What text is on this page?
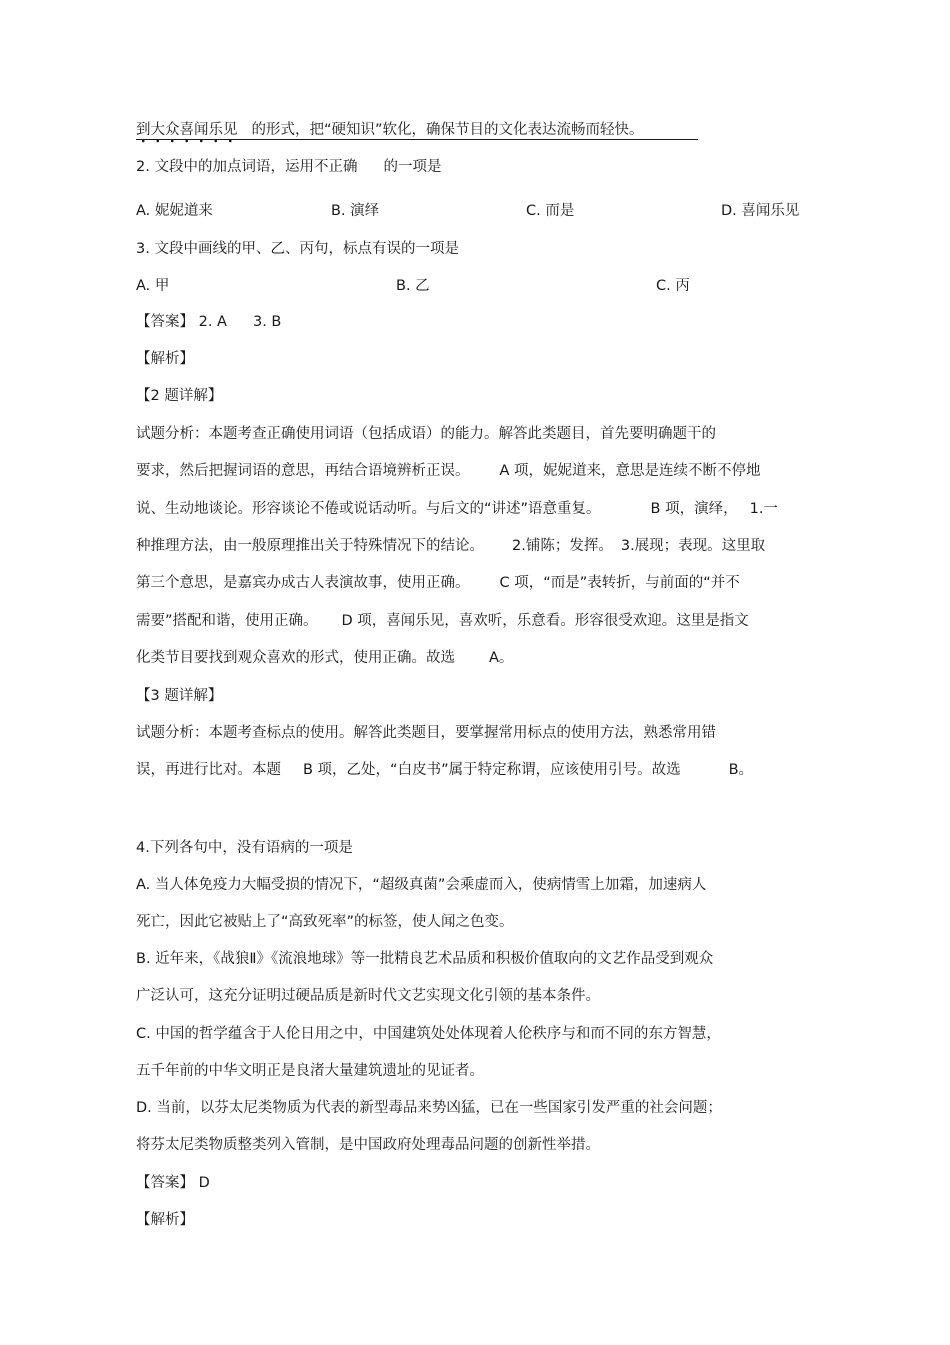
到大众喜闻乐见 的形式，把“硬知识”软化，确保节目的文化表达流畅而轻快。
2. 文段中的加点词语，运用不正确 的一项是
A. 妮妮道来	B. 演绎	C. 而是	D. 喜闻乐见
3. 文段中画线的甲、乙、丙句，标点有误的一项是
A. 甲	B. 乙	C. 丙
【答案】 2. A 3. B
【解析】
【2 题详解】
试题分析：本题考查正确使用词语（包括成语）的能力。解答此类题目，首先要明确题干的
要求，然后把握词语的意思，再结合语境辨析正误。 A 项，妮妮道来，意思是连续不断不停地
说、生动地谈论。形容谈论不倦或说话动听。与后文的“讲述”语意重复。	B 项，演绎， 1.一
种推理方法，由一般原理推出关于特殊情况下的结论。 2.铺陈；发挥。 3.展现；表现。这里取
第三个意思，是嘉宾办成古人表演故事，使用正确。 C 项，“而是”表转折，与前面的“并不
需要”搭配和谐，使用正确。 D 项，喜闻乐见，喜欢听，乐意看。形容很受欢迎。这里是指文
化类节目要找到观众喜欢的形式，使用正确。故选 A。
【3 题详解】
试题分析：本题考查标点的使用。解答此类题目，要掌握常用标点的使用方法，熟悉常用错
误，再进行比对。本题 B 项，乙处，“白皮书”属于特定称谓，应该使用引号。故选	B。
4.下列各句中，没有语病的一项是
A. 当人体免疫力大幅受损的情况下，“超级真菌”会乘虚而入，使病情雪上加霜，加速病人
死亡，因此它被贴上了“高致死率”的标签，使人闻之色变。
B. 近年来，《战狼Ⅱ》《流浪地球》等一批精良艺术品质和积极价值取向的文艺作品受到观众
广泛认可，这充分证明过硬品质是新时代文艺实现文化引领的基本条件。
C. 中国的哲学蕴含于人伦日用之中，中国建筑处处体现着人伦秩序与和而不同的东方智慧，
五千年前的中华文明正是良渚大量建筑遗址的见证者。
D. 当前，以芬太尼类物质为代表的新型毒品来势凶猛，已在一些国家引发严重的社会问题；
将芬太尼类物质整类列入管制，是中国政府处理毒品问题的创新性举措。
【答案】 D
【解析】
